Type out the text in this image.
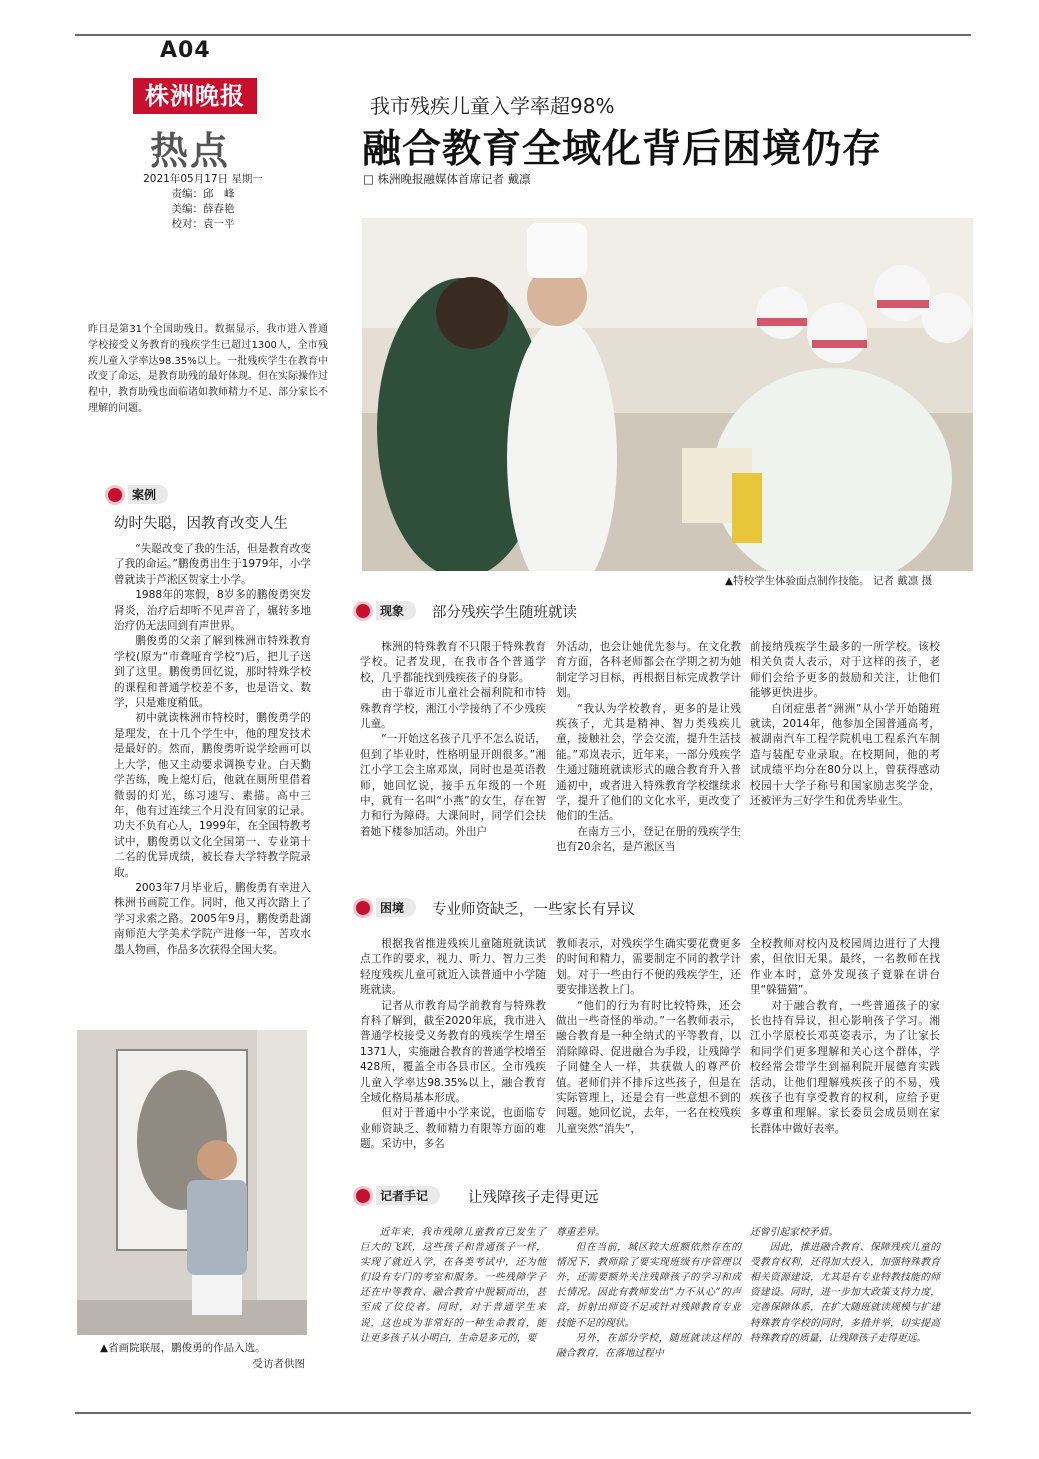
A04
株洲晚报
热点
2021年05月17日 星期一
责编：邱　峰
美编：薛春艳
校对：袁一平
我市残疾儿童入学率超98%
融合教育全域化背后困境仍存
□ 株洲晚报融媒体首席记者 戴凛
▲特校学生体验面点制作技能。 记者 戴凛 摄
昨日是第31个全国助残日。数据显示，我市进入普通学校接受义务教育的残疾学生已超过1300人，全市残疾儿童入学率达98.35%以上。一批残疾学生在教育中改变了命运，是教育助残的最好体现。但在实际操作过程中，教育助残也面临诸如教师精力不足、部分家长不理解的问题。
案例
幼时失聪，因教育改变人生

“失聪改变了我的生活，但是教育改变了我的命运。”鹏俊勇出生于1979年，小学曾就读于芦淞区贺家土小学。

1988年的寒假，8岁多的鹏俊勇突发肾炎，治疗后却听不见声音了，辗转多地治疗仍无法回到有声世界。

鹏俊勇的父亲了解到株洲市特殊教育学校(原为“市聋哑育学校”)后，把儿子送到了这里。鹏俊勇回忆说，那时特殊学校的课程和普通学校差不多，也是语文、数学，只是难度稍低。

初中就读株洲市特校时，鹏俊勇学的是理发，在十几个学生中，他的理发技术是最好的。然而，鹏俊勇听说学绘画可以上大学，他又主动要求调换专业。白天勤学苦练，晚上熄灯后，他就在厕所里借着微弱的灯光，练习速写、素描。高中三年，他有过连续三个月没有回家的记录。功夫不负有心人，1999年，在全国特教考试中，鹏俊勇以文化全国第一、专业第十二名的优异成绩，被长春大学特教学院录取。

2003年7月毕业后，鹏俊勇有幸进入株洲书画院工作。同时，他又再次踏上了学习求索之路。2005年9月，鹏俊勇赴湖南师范大学美术学院产进修一年，苦攻水墨人物画，作品多次获得全国大奖。

▲省画院联展，鹏俊勇的作品入选。
受访者供图
现象	部分残疾学生随班就读

株洲的特殊教育不只限于特殊教育学校。记者发现，在我市各个普通学校，几乎都能找到残疾孩子的身影。

由于靠近市儿童社会福利院和市特殊教育学校，湘江小学接纳了不少残疾儿童。

“一开始这名孩子几乎不怎么说话，但到了毕业时，性格明显开朗很多。”湘江小学工会主席邓岚，同时也是英语教师，她回忆说，接手五年级的一个班中，就有一名叫“小燕”的女生，存在智力和行为障碍。大课间时，同学们会扶着她下楼参加活动。外出户

外活动，也会让她优先参与。在文化教育方面，各科老师都会在学期之初为她制定学习目标，再根据目标完成教学计划。

“我认为学校教育，更多的是让残疾孩子，尤其是精神、智力类残疾儿童，接触社会，学会交流，提升生活技能。”邓岚表示，近年来，一部分残疾学生通过随班就读形式的融合教育升入普通初中，或者进入特殊教育学校继续求学，提升了他们的文化水平，更改变了他们的生活。

在南方三小，登记在册的残疾学生也有20余名，是芦淞区当

前接纳残疾学生最多的一所学校。该校相关负责人表示，对于这样的孩子，老师们会给予更多的鼓励和关注，让他们能够更快进步。

自闭症患者“洲洲”从小学开始随班就读，2014年，他参加全国普通高考，被湖南汽车工程学院机电工程系汽车制造与装配专业录取。在校期间，他的考试成绩平均分在80分以上，曾获得感动校园十大学子称号和国家励志奖学金，还被评为三好学生和优秀毕业生。

困境	专业师资缺乏，一些家长有异议

根据我省推进残疾儿童随班就读试点工作的要求，视力、听力、智力三类轻度残疾儿童可就近入读普通中小学随班就读。

记者从市教育局学前教育与特殊教育科了解到，截至2020年底，我市进入普通学校接受义务教育的残疾学生增至1371人，实施融合教育的普通学校增至428所，覆盖全市各县市区。全市残疾儿童入学率达98.35%以上，融合教育全域化格局基本形成。

但对于普通中小学来说，也面临专业师资缺乏、教师精力有限等方面的难题。采访中，多名

教师表示，对残疾学生确实要花费更多的时间和精力，需要制定不同的教学计划。对于一些由行不便的残疾学生，还要安排送教上门。

“他们的行为有时比较特殊，还会做出一些奇怪的举动。”一名教师表示，融合教育是一种全纳式的平等教育，以消除障碍、促进融合为手段，让残障学子同健全人一样，共获做人的尊严价值。老师们并不排斥这些孩子，但是在实际管理上，还是会有一些意想不到的问题。她回忆说，去年，一名在校残疾儿童突然“消失”，

全校教师对校内及校园周边进行了大搜索，但依旧无果。最终，一名教师在找作业本时，意外发现孩子竟躲在讲台里“躲猫猫”。

对于融合教育，一些普通孩子的家长也持有异议，担心影响孩子学习。湘江小学原校长邓英姿表示，为了让家长和同学们更多理解和关心这个群体，学校经常会带学生到福利院开展德育实践活动，让他们理解残疾孩子的不易，残疾孩子也有享受教育的权利，应给予更多尊重和理解。家长委员会成员则在家长群体中做好表率。

记者手记	让残障孩子走得更远

近年来，我市残障儿童教育已发生了巨大的飞跃，这些孩子和普通孩子一样，实现了就近入学，在各类考试中，还为他们设有专门的考室和服务。一些残障学子还在中等教育、融合教育中脱颖而出，甚至成了佼佼者。同时，对于普通学生来说，这也成为非常好的一种生命教育，能让更多孩子从小明白，生命是多元的，要

尊重差异。

但在当前，城区较大班额依然存在的情况下，教师除了要实现班级有序管理以外，还需要额外关注残障孩子的学习和成长情况。因此有教师发出“力不从心”的声音，折射出师资不足或针对残障教育专业技能不足的现状。

另外，在部分学校，随班就读这样的融合教育，在落地过程中

还曾引起家校矛盾。

因此，推进融合教育、保障残疾儿童的受教育权利，还得加大投入，加强特殊教育相关资源建设，尤其是有专业特教技能的师资建设。同时，进一步加大政策支持力度，完善保障体系，在扩大随班就读规模与扩建特殊教育学校的同时，多措并举，切实提高特殊教育的质量，让残障孩子走得更远。
